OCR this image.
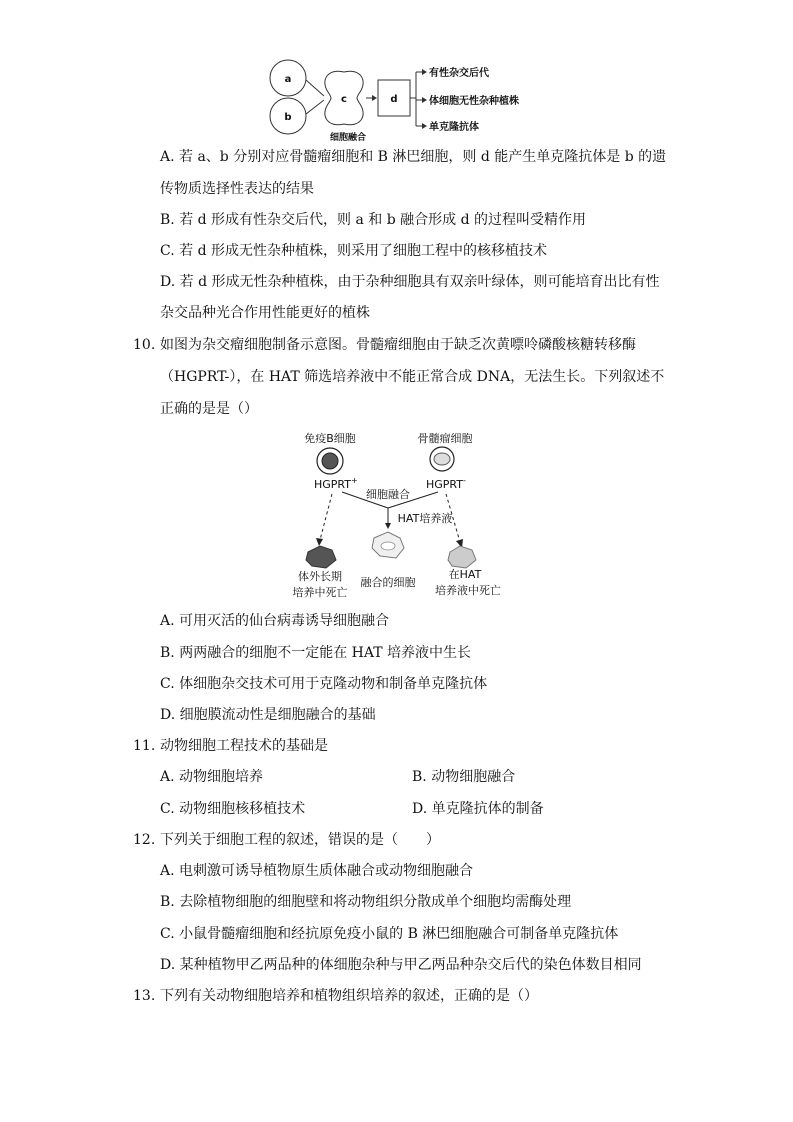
a
b
c
细胞融合
d
有性杂交后代
体细胞无性杂种植株
单克隆抗体
A. 若 a、b 分别对应骨髓瘤细胞和 B 淋巴细胞，则 d 能产生单克隆抗体是 b 的遗
传物质选择性表达的结果
B. 若 d 形成有性杂交后代，则 a 和 b 融合形成 d 的过程叫受精作用
C. 若 d 形成无性杂种植株，则采用了细胞工程中的核移植技术
D. 若 d 形成无性杂种植株，由于杂种细胞具有双亲叶绿体，则可能培育出比有性
杂交品种光合作用性能更好的植株
10. 如图为杂交瘤细胞制备示意图。骨髓瘤细胞由于缺乏次黄嘌呤磷酸核糖转移酶
（HGPRT-），在 HAT 筛选培养液中不能正常合成 DNA，无法生长。下列叙述不
正确的是是（）
免疫B细胞	骨髓瘤细胞
HGPRT+	HGPRT-
细胞融合
HAT培养液
体外长期
培养中死亡
融合的细胞
在HAT
培养液中死亡
A. 可用灭活的仙台病毒诱导细胞融合
B. 两两融合的细胞不一定能在 HAT 培养液中生长
C. 体细胞杂交技术可用于克隆动物和制备单克隆抗体
D. 细胞膜流动性是细胞融合的基础
11. 动物细胞工程技术的基础是
A. 动物细胞培养	B. 动物细胞融合
C. 动物细胞核移植技术	D. 单克隆抗体的制备
12. 下列关于细胞工程的叙述，错误的是（　　）
A. 电刺激可诱导植物原生质体融合或动物细胞融合
B. 去除植物细胞的细胞壁和将动物组织分散成单个细胞均需酶处理
C. 小鼠骨髓瘤细胞和经抗原免疫小鼠的 B 淋巴细胞融合可制备单克隆抗体
D. 某种植物甲乙两品种的体细胞杂种与甲乙两品种杂交后代的染色体数目相同
13. 下列有关动物细胞培养和植物组织培养的叙述，正确的是（）
